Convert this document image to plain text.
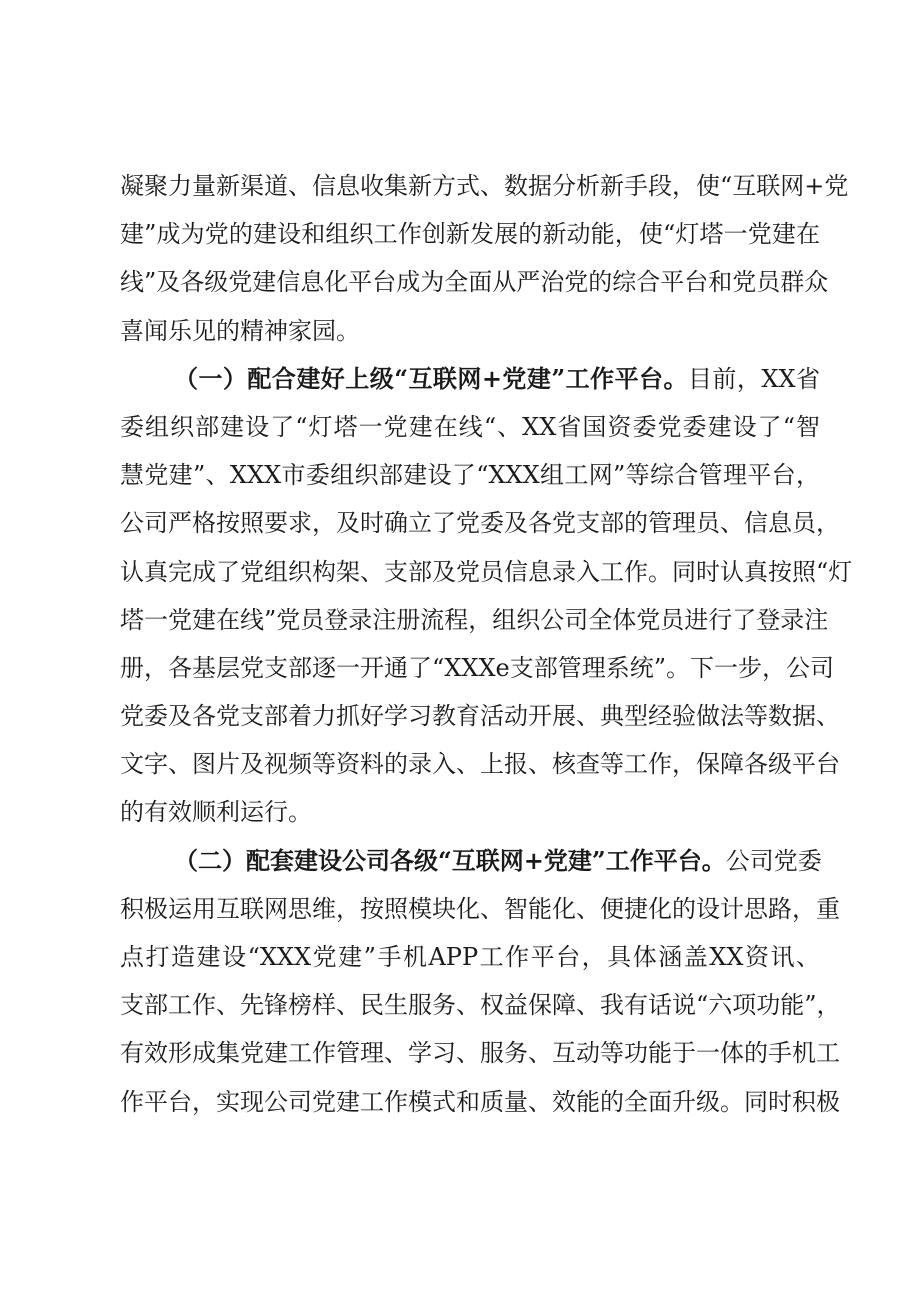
凝聚力量新渠道、信息收集新方式、数据分析新手段，使“互联网+党
建”成为党的建设和组织工作创新发展的新动能，使“灯塔一党建在
线”及各级党建信息化平台成为全面从严治党的综合平台和党员群众
喜闻乐见的精神家园。
（一）配合建好上级“互联网+党建”工作平台。目前，XX省
委组织部建设了“灯塔一党建在线“、XX省国资委党委建设了“智
慧党建”、XXX市委组织部建设了“XXX组工网”等综合管理平台，
公司严格按照要求，及时确立了党委及各党支部的管理员、信息员，
认真完成了党组织构架、支部及党员信息录入工作。同时认真按照“灯
塔一党建在线”党员登录注册流程，组织公司全体党员进行了登录注
册，各基层党支部逐一开通了“XXXe支部管理系统”。下一步，公司
党委及各党支部着力抓好学习教育活动开展、典型经验做法等数据、
文字、图片及视频等资料的录入、上报、核查等工作，保障各级平台
的有效顺利运行。
（二）配套建设公司各级“互联网+党建”工作平台。公司党委
积极运用互联网思维，按照模块化、智能化、便捷化的设计思路，重
点打造建设“XXX党建”手机APP工作平台，具体涵盖XX资讯、
支部工作、先锋榜样、民生服务、权益保障、我有话说“六项功能”，
有效形成集党建工作管理、学习、服务、互动等功能于一体的手机工
作平台，实现公司党建工作模式和质量、效能的全面升级。同时积极
